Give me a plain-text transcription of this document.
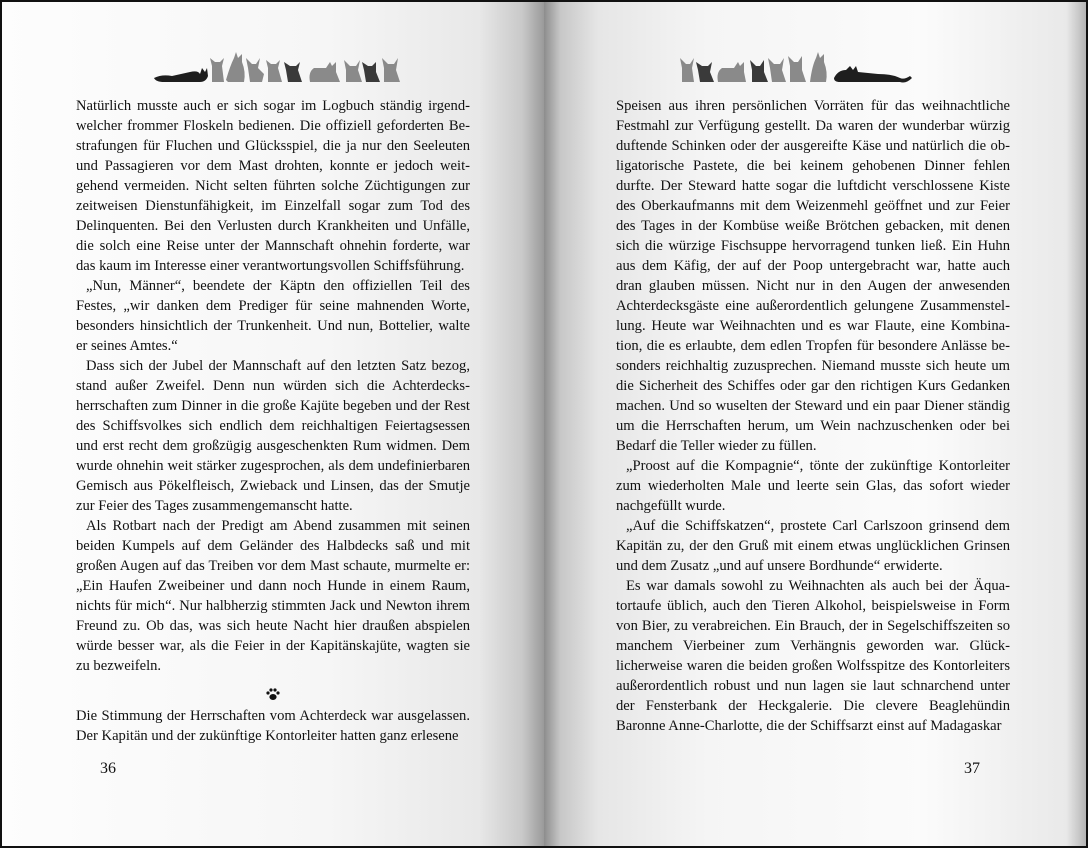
Natürlich musste auch er sich sogar im Logbuch ständig irgendwelcher frommer Floskeln bedienen. Die offiziell geforderten Bestrafungen für Fluchen und Glücksspiel, die ja nur den Seeleuten und Passagieren vor dem Mast drohten, konnte er jedoch weitgehend vermeiden. Nicht selten führten solche Züchtigungen zur zeitweisen Dienstunfähigkeit, im Einzelfall sogar zum Tod des Delinquenten. Bei den Verlusten durch Krankheiten und Unfälle, die solch eine Reise unter der Mannschaft ohnehin forderte, war das kaum im Interesse einer verantwortungsvollen Schiffsführung.

„Nun, Männer“, beendete der Käptn den offiziellen Teil des Festes, „wir danken dem Prediger für seine mahnenden Worte, besonders hinsichtlich der Trunkenheit. Und nun, Bottelier, walte er seines Amtes.“

Dass sich der Jubel der Mannschaft auf den letzten Satz bezog, stand außer Zweifel. Denn nun würden sich die Achterdecksherrschaften zum Dinner in die große Kajüte begeben und der Rest des Schiffsvolkes sich endlich dem reichhaltigen Feiertagsessen und erst recht dem großzügig ausgeschenkten Rum widmen. Dem wurde ohnehin weit stärker zugesprochen, als dem undefinierbaren Gemisch aus Pökelfleisch, Zwieback und Linsen, das der Smutje zur Feier des Tages zusammengemanscht hatte.

Als Rotbart nach der Predigt am Abend zusammen mit seinen beiden Kumpels auf dem Geländer des Halbdecks saß und mit großen Augen auf das Treiben vor dem Mast schaute, murmelte er: „Ein Haufen Zweibeiner und dann noch Hunde in einem Raum, nichts für mich“. Nur halbherzig stimmten Jack und Newton ihrem Freund zu. Ob das, was sich heute Nacht hier draußen abspielen würde besser war, als die Feier in der Kapitänskajüte, wagten sie zu bezweifeln.

Die Stimmung der Herrschaften vom Achterdeck war ausgelassen. Der Kapitän und der zukünftige Kontorleiter hatten ganz erlesene

36

Speisen aus ihren persönlichen Vorräten für das weihnachtliche Festmahl zur Verfügung gestellt. Da waren der wunderbar würzig duftende Schinken oder der ausgereifte Käse und natürlich die obligatorische Pastete, die bei keinem gehobenen Dinner fehlen durfte. Der Steward hatte sogar die luftdicht verschlossene Kiste des Oberkaufmanns mit dem Weizenmehl geöffnet und zur Feier des Tages in der Kombüse weiße Brötchen gebacken, mit denen sich die würzige Fischsuppe hervorragend tunken ließ. Ein Huhn aus dem Käfig, der auf der Poop untergebracht war, hatte auch dran glauben müssen. Nicht nur in den Augen der anwesenden Achterdecksgäste eine außerordentlich gelungene Zusammenstellung. Heute war Weihnachten und es war Flaute, eine Kombination, die es erlaubte, dem edlen Tropfen für besondere Anlässe besonders reichhaltig zuzusprechen. Niemand musste sich heute um die Sicherheit des Schiffes oder gar den richtigen Kurs Gedanken machen. Und so wuselten der Steward und ein paar Diener ständig um die Herrschaften herum, um Wein nachzuschenken oder bei Bedarf die Teller wieder zu füllen.

„Proost auf die Kompagnie“, tönte der zukünftige Kontorleiter zum wiederholten Male und leerte sein Glas, das sofort wieder nachgefüllt wurde.

„Auf die Schiffskatzen“, prostete Carl Carlszoon grinsend dem Kapitän zu, der den Gruß mit einem etwas unglücklichen Grinsen und dem Zusatz „und auf unsere Bordhunde“ erwiderte.

Es war damals sowohl zu Weihnachten als auch bei der Äquatortaufe üblich, auch den Tieren Alkohol, beispielsweise in Form von Bier, zu verabreichen. Ein Brauch, der in Segelschiffszeiten so manchem Vierbeiner zum Verhängnis geworden war. Glücklicherweise waren die beiden großen Wolfsspitze des Kontorleiters außerordentlich robust und nun lagen sie laut schnarchend unter der Fensterbank der Heckgalerie. Die clevere Beaglehündin Baronne Anne-Charlotte, die der Schiffsarzt einst auf Madagaskar

37
